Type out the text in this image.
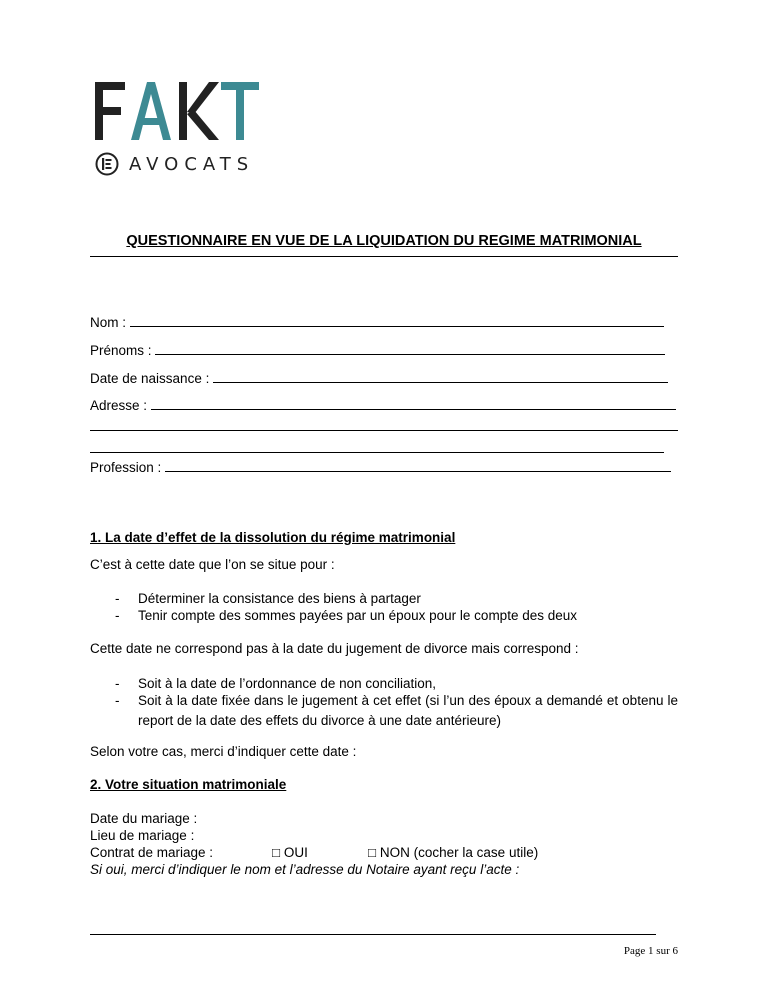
AVOCATS
QUESTIONNAIRE EN VUE DE LA LIQUIDATION DU REGIME MATRIMONIAL
Nom :
Prénoms :
Date de naissance :
Adresse :
Profession :
1. La date d’effet de la dissolution du régime matrimonial
C’est à cette date que l’on se situe pour :
- Déterminer la consistance des biens à partager
- Tenir compte des sommes payées par un époux pour le compte des deux
Cette date ne correspond pas à la date du jugement de divorce mais correspond :
- Soit à la date de l’ordonnance de non conciliation,
- Soit à la date fixée dans le jugement à cet effet (si l’un des époux a demandé et obtenu le report de la date des effets du divorce à une date antérieure)
Selon votre cas, merci d’indiquer cette date :
2. Votre situation matrimoniale
Date du mariage :
Lieu de mariage :
Contrat de mariage :	□ OUI	□ NON (cocher la case utile)
Si oui, merci d’indiquer le nom et l’adresse du Notaire ayant reçu l’acte :
Page 1 sur 6
